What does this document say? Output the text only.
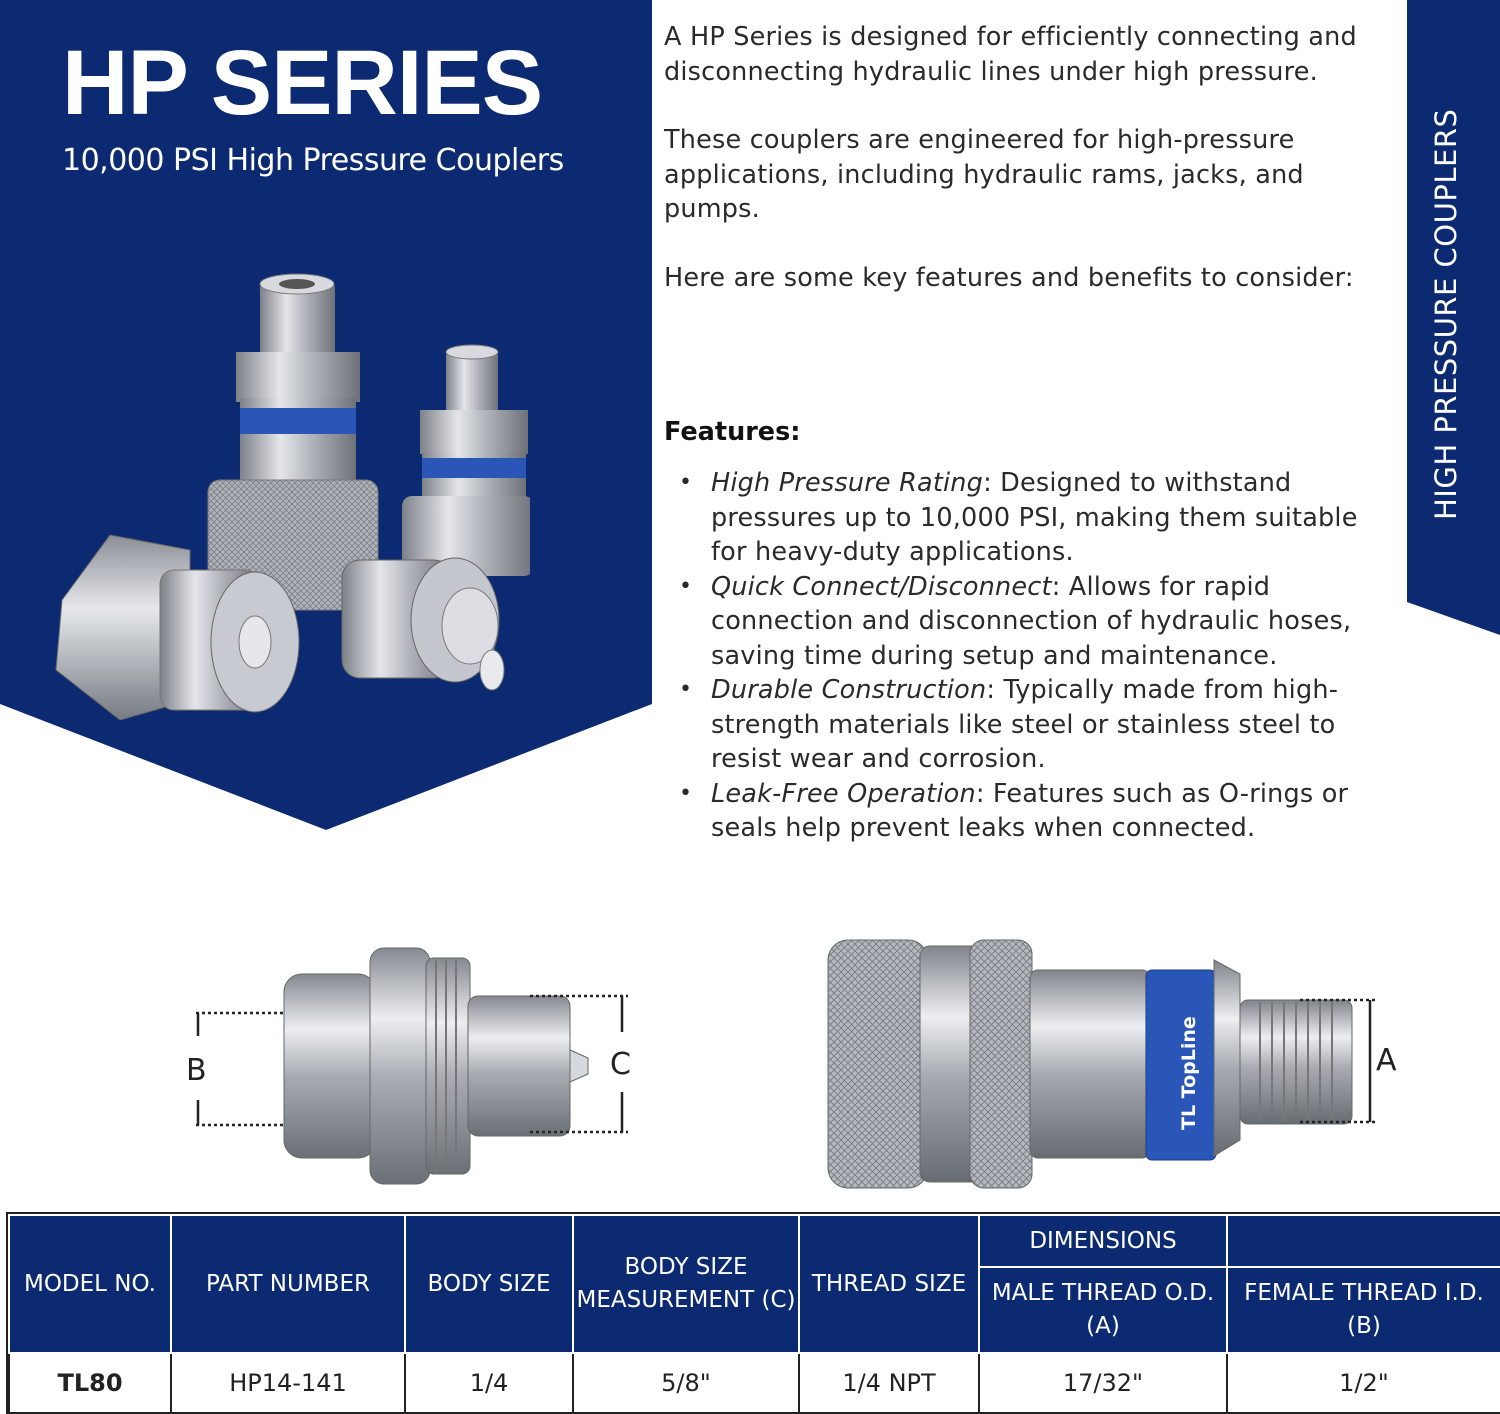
HP SERIES

10,000 PSI High Pressure Couplers	HIGH PRESSURE COUPLERS

A HP Series is designed for efficiently connecting and disconnecting hydraulic lines under high pressure.

These couplers are engineered for high-pressure applications, including hydraulic rams, jacks, and pumps.

Here are some key features and benefits to consider:

Features:
• High Pressure Rating: Designed to withstand pressures up to 10,000 PSI, making them suitable for heavy-duty applications.
• Quick Connect/Disconnect: Allows for rapid connection and disconnection of hydraulic hoses, saving time during setup and maintenance.
• Durable Construction: Typically made from high-strength materials like steel or stainless steel to resist wear and corrosion.
• Leak-Free Operation: Features such as O-rings or seals help prevent leaks when connected.
B	C	TL TopLine	A
MODEL NO.	PART NUMBER	BODY SIZE	BODY SIZE MEASUREMENT (C)	THREAD SIZE	DIMENSIONS	
					MALE THREAD O.D. (A)	FEMALE THREAD I.D. (B)
TL80	HP14-141	1/4	5/8"	1/4 NPT	17/32"	1/2"
